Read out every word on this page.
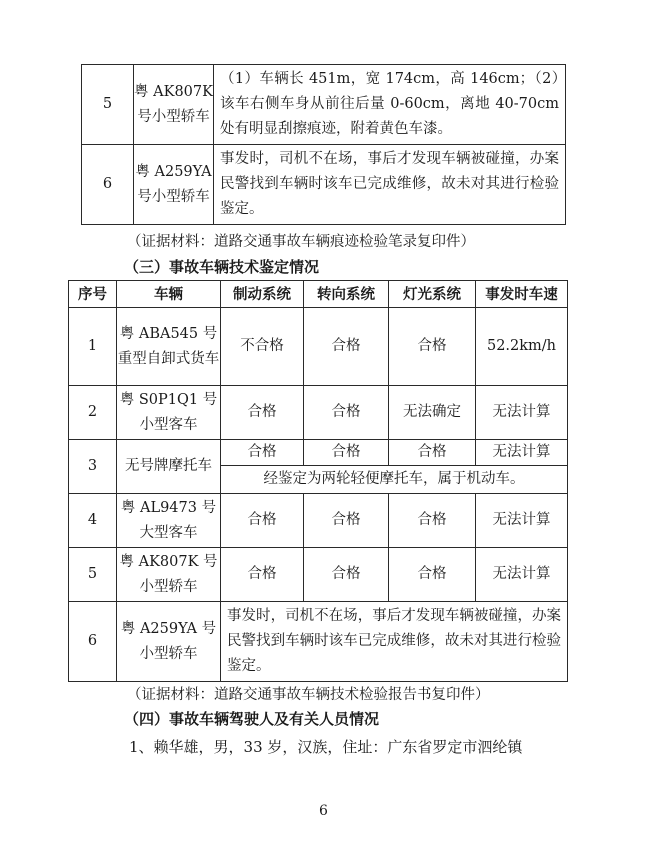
5	粤 AK807K号小型轿车	（1）车辆长 451m，宽 174cm，高 146cm；（2）该车右侧车身从前往后量 0-60cm，离地 40-70cm 处有明显刮擦痕迹，附着黄色车漆。
6	粤 A259YA号小型轿车	事发时，司机不在场，事后才发现车辆被碰撞，办案民警找到车辆时该车已完成维修，故未对其进行检验鉴定。
（证据材料：道路交通事故车辆痕迹检验笔录复印件）
（三）事故车辆技术鉴定情况
序号	车辆	制动系统	转向系统	灯光系统	事发时车速
1	粤 ABA545 号重型自卸式货车	不合格	合格	合格	52.2km/h
2	粤 S0P1Q1 号小型客车	合格	合格	无法确定	无法计算
3	无号牌摩托车	合格	合格	合格	无法计算
		经鉴定为两轮轻便摩托车，属于机动车。			
4	粤 AL9473 号大型客车	合格	合格	合格	无法计算
5	粤 AK807K 号小型轿车	合格	合格	合格	无法计算
6	粤 A259YA 号小型轿车	事发时，司机不在场，事后才发现车辆被碰撞，办案民警找到车辆时该车已完成维修，故未对其进行检验鉴定。			
（证据材料：道路交通事故车辆技术检验报告书复印件）
（四）事故车辆驾驶人及有关人员情况
1、赖华雄，男，33 岁，汉族，住址：广东省罗定市泗纶镇
6
